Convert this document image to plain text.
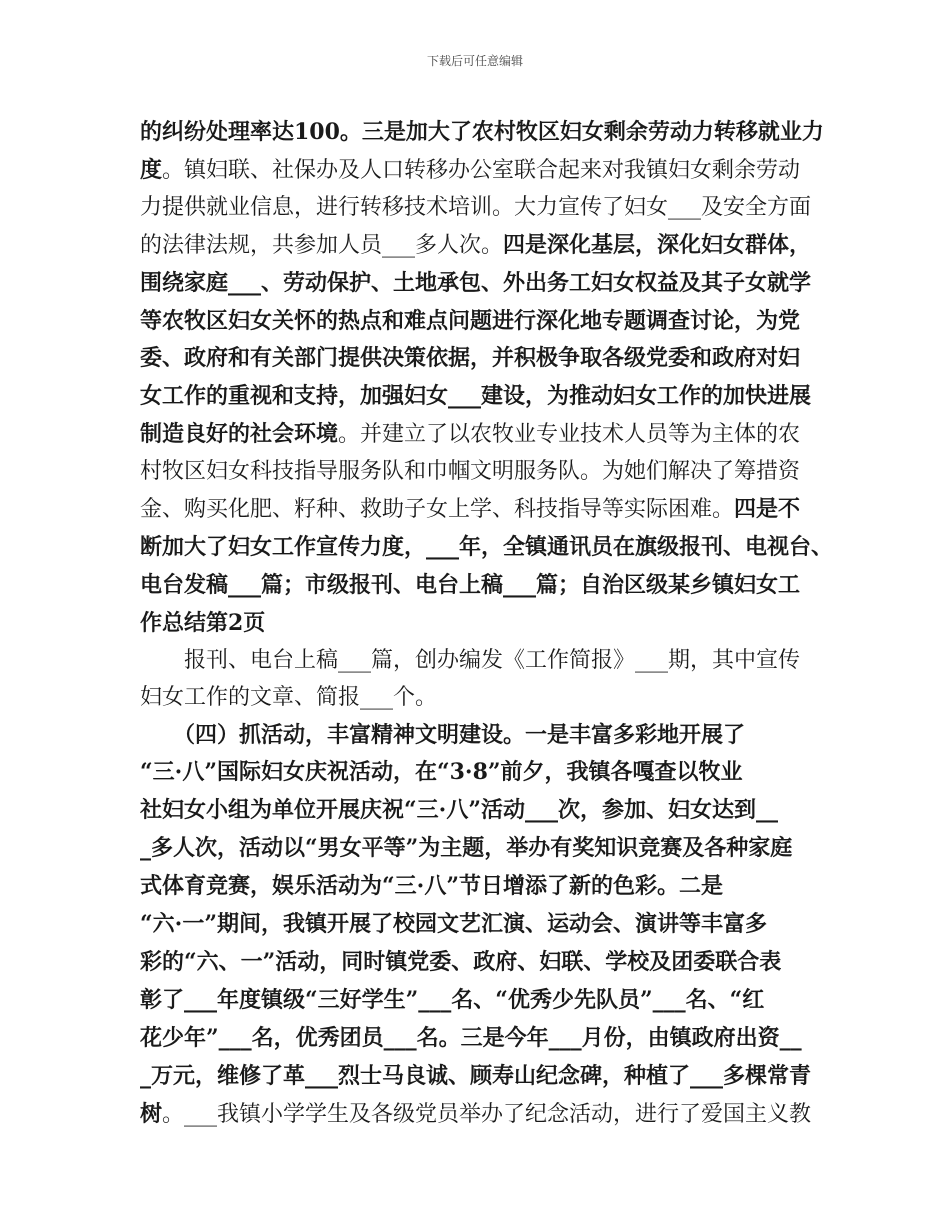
下载后可任意编辑

的纠纷处理率达100。三是加大了农村牧区妇女剩余劳动力转移就业力
度。镇妇联、社保办及人口转移办公室联合起来对我镇妇女剩余劳动
力提供就业信息，进行转移技术培训。大力宣传了妇女___及安全方面
的法律法规，共参加人员___多人次。四是深化基层，深化妇女群体，
围绕家庭___、劳动保护、土地承包、外出务工妇女权益及其子女就学
等农牧区妇女关怀的热点和难点问题进行深化地专题调查讨论，为党
委、政府和有关部门提供决策依据，并积极争取各级党委和政府对妇
女工作的重视和支持，加强妇女___建设，为推动妇女工作的加快进展
制造良好的社会环境。并建立了以农牧业专业技术人员等为主体的农
村牧区妇女科技指导服务队和巾帼文明服务队。为她们解决了筹措资
金、购买化肥、籽种、救助子女上学、科技指导等实际困难。四是不
断加大了妇女工作宣传力度，___年，全镇通讯员在旗级报刊、电视台、
电台发稿___篇；市级报刊、电台上稿___篇；自治区级某乡镇妇女工
作总结第2页

　　报刊、电台上稿___篇，创办编发《工作简报》___期，其中宣传
妇女工作的文章、简报___个。

　　（四）抓活动，丰富精神文明建设。一是丰富多彩地开展了
“三·八”国际妇女庆祝活动，在“3·8”前夕，我镇各嘎查以牧业
社妇女小组为单位开展庆祝“三·八”活动___次，参加、妇女达到__
_多人次，活动以“男女平等”为主题，举办有奖知识竞赛及各种家庭
式体育竞赛，娱乐活动为“三·八”节日增添了新的色彩。二是
“六·一”期间，我镇开展了校园文艺汇演、运动会、演讲等丰富多
彩的“六、一”活动，同时镇党委、政府、妇联、学校及团委联合表
彰了___年度镇级“三好学生”___名、“优秀少先队员”___名、“红
花少年”___名，优秀团员___名。三是今年___月份，由镇政府出资__
_万元，维修了革___烈士马良诚、顾寿山纪念碑，种植了___多棵常青
树。___我镇小学学生及各级党员举办了纪念活动，进行了爱国主义教
